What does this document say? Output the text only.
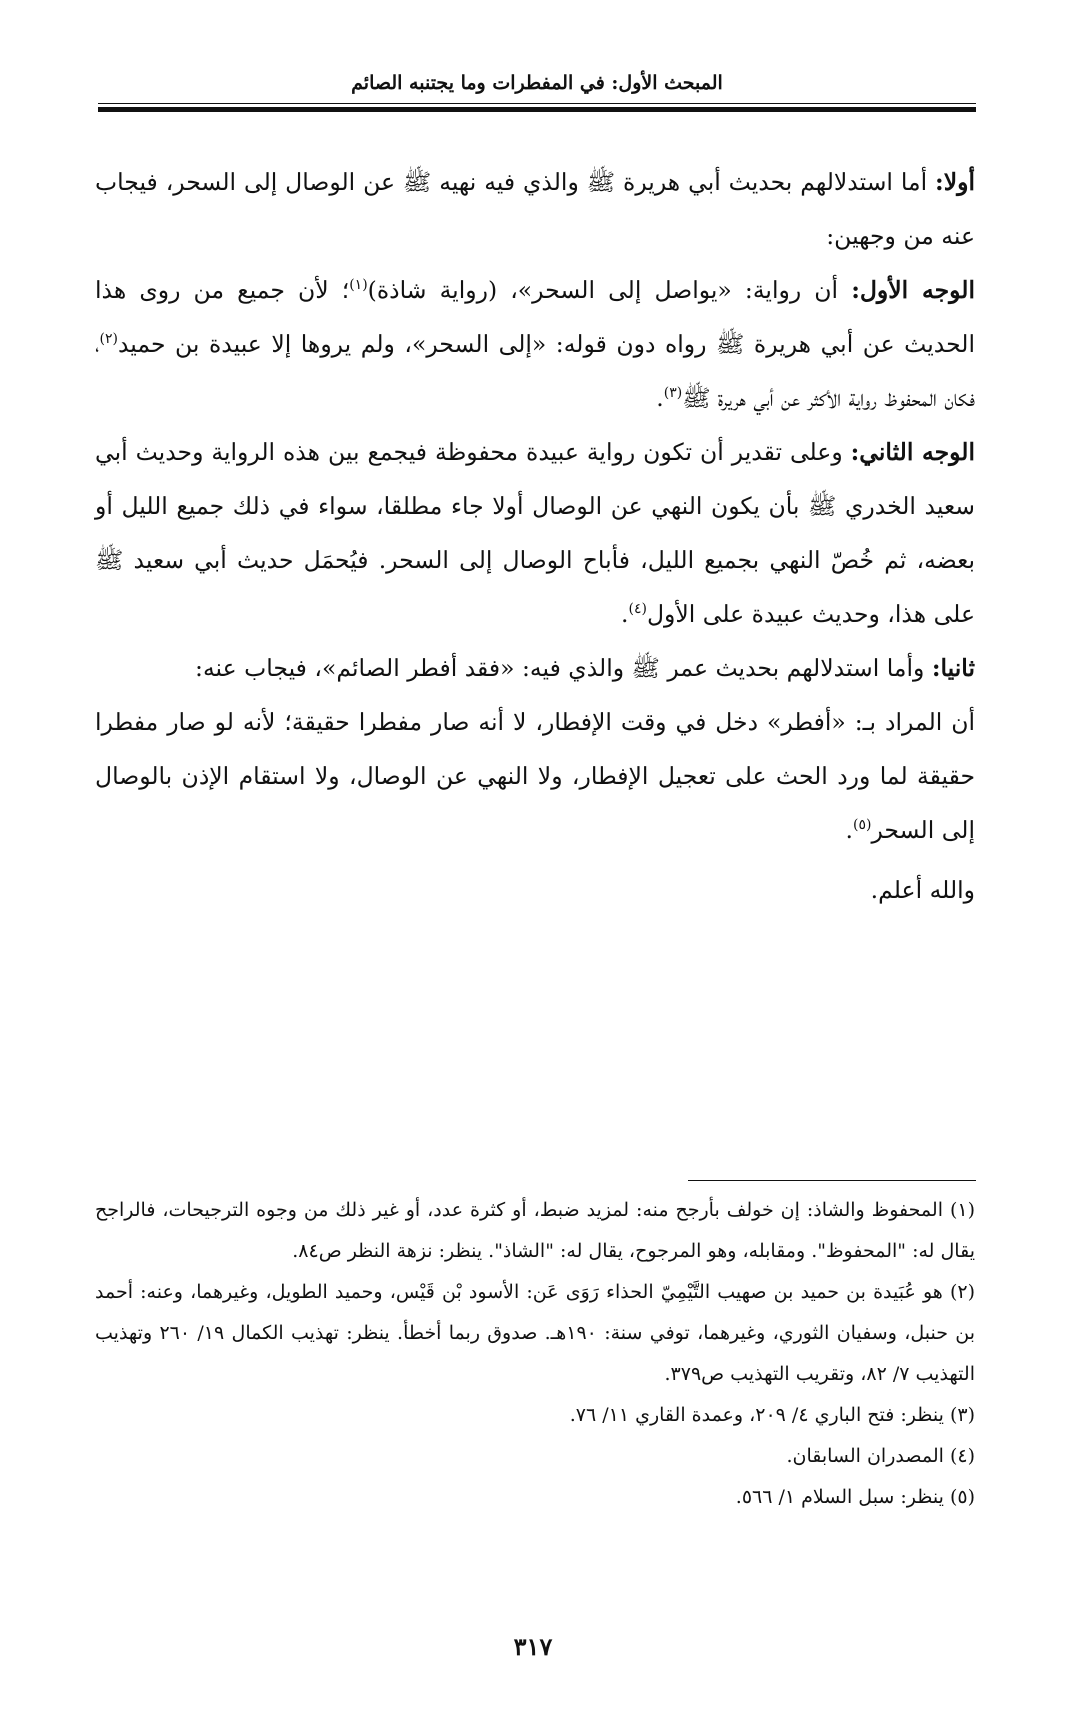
المبحث الأول: في المفطرات وما يجتنبه الصائم

أولا: أما استدلالهم بحديث أبي هريرة ﷺ والذي فيه نهيه ﷺ عن الوصال إلى السحر، فيجاب عنه من وجهين:

الوجه الأول: أن رواية: «يواصل إلى السحر»، (رواية شاذة)$^{(١)}$؛ لأن جميع من روى هذا الحديث عن أبي هريرة ﷺ رواه دون قوله: «إلى السحر»، ولم يروها إلا عبيدة بن حميد$^{(٢)}$، فكان المحفوظ رواية الأكثر عن أبي هريرة ﷺ$^{(٣)}$.

الوجه الثاني: وعلى تقدير أن تكون رواية عبيدة محفوظة فيجمع بين هذه الرواية وحديث أبي سعيد الخدري ﷺ بأن يكون النهي عن الوصال أولا جاء مطلقا، سواء في ذلك جميع الليل أو بعضه، ثم خُصّ النهي بجميع الليل، فأباح الوصال إلى السحر. فيُحمَل حديث أبي سعيد ﷺ على هذا، وحديث عبيدة على الأول$^{(٤)}$.

ثانيا: وأما استدلالهم بحديث عمر ﷺ والذي فيه: «فقد أفطر الصائم»، فيجاب عنه:

أن المراد بـ: «أفطر» دخل في وقت الإفطار، لا أنه صار مفطرا حقيقة؛ لأنه لو صار مفطرا حقيقة لما ورد الحث على تعجيل الإفطار، ولا النهي عن الوصال، ولا استقام الإذن بالوصال إلى السحر$^{(٥)}$.

والله أعلم.

(١) المحفوظ والشاذ: إن خولف بأرجح منه: لمزيد ضبط، أو كثرة عدد، أو غير ذلك من وجوه الترجيحات، فالراجح يقال له: "المحفوظ". ومقابله، وهو المرجوح، يقال له: "الشاذ". ينظر: نزهة النظر ص٨٤.

(٢) هو عُبَيدة بن حميد بن صهيب التَّيْمِيّ الحذاء رَوَى عَن: الأسود بْن قَيْس، وحميد الطويل، وغيرهما، وعنه: أحمد بن حنبل، وسفيان الثوري، وغيرهما، توفي سنة: ١٩٠هـ. صدوق ربما أخطأ. ينظر: تهذيب الكمال ١٩/ ٢٦٠ وتهذيب التهذيب ٧/ ٨٢، وتقريب التهذيب ص٣٧٩.

(٣) ينظر: فتح الباري ٤/ ٢٠٩، وعمدة القاري ١١/ ٧٦.

(٤) المصدران السابقان.

(٥) ينظر: سبل السلام ١/ ٥٦٦.

٣١٧
